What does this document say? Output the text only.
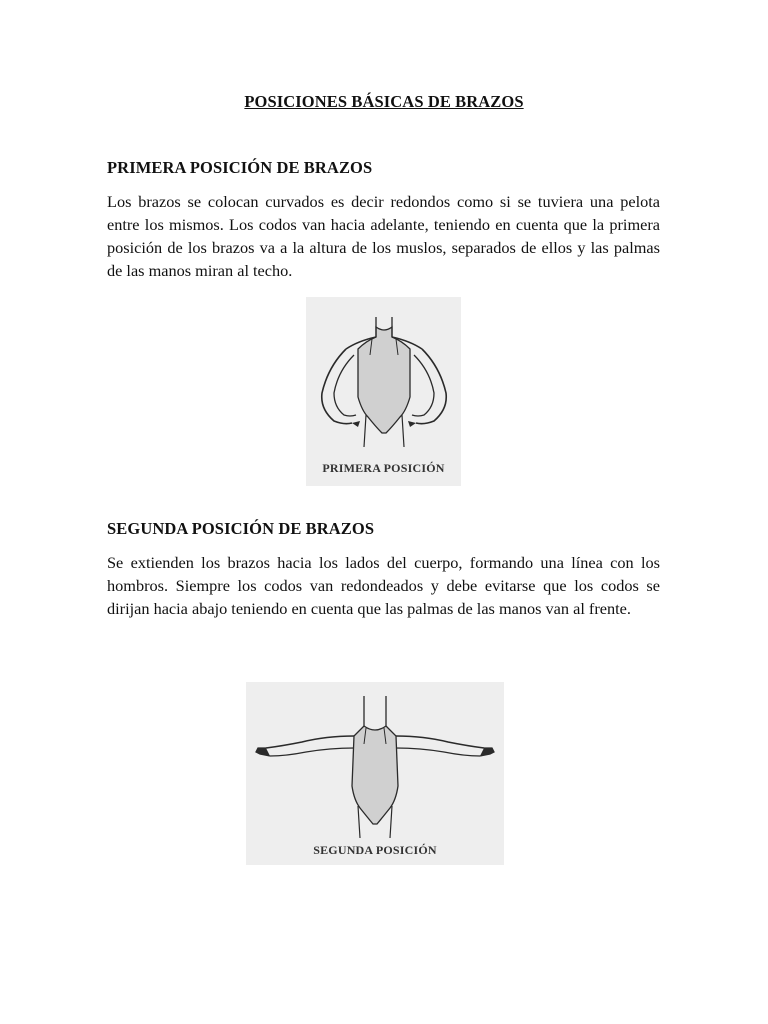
POSICIONES BÁSICAS DE BRAZOS
PRIMERA POSICIÓN DE BRAZOS
Los brazos se colocan curvados es decir redondos como si se tuviera una pelota entre los mismos. Los codos van hacia adelante, teniendo en cuenta que la primera posición de los brazos va a la altura de los muslos, separados de ellos y las palmas de las manos miran al techo.
PRIMERA POSICIÓN
SEGUNDA POSICIÓN DE BRAZOS
Se extienden los brazos hacia los lados del cuerpo, formando una línea con los hombros. Siempre los codos van redondeados y debe evitarse que los codos se dirijan hacia abajo teniendo en cuenta que las palmas de las manos van al frente.
SEGUNDA POSICIÓN
